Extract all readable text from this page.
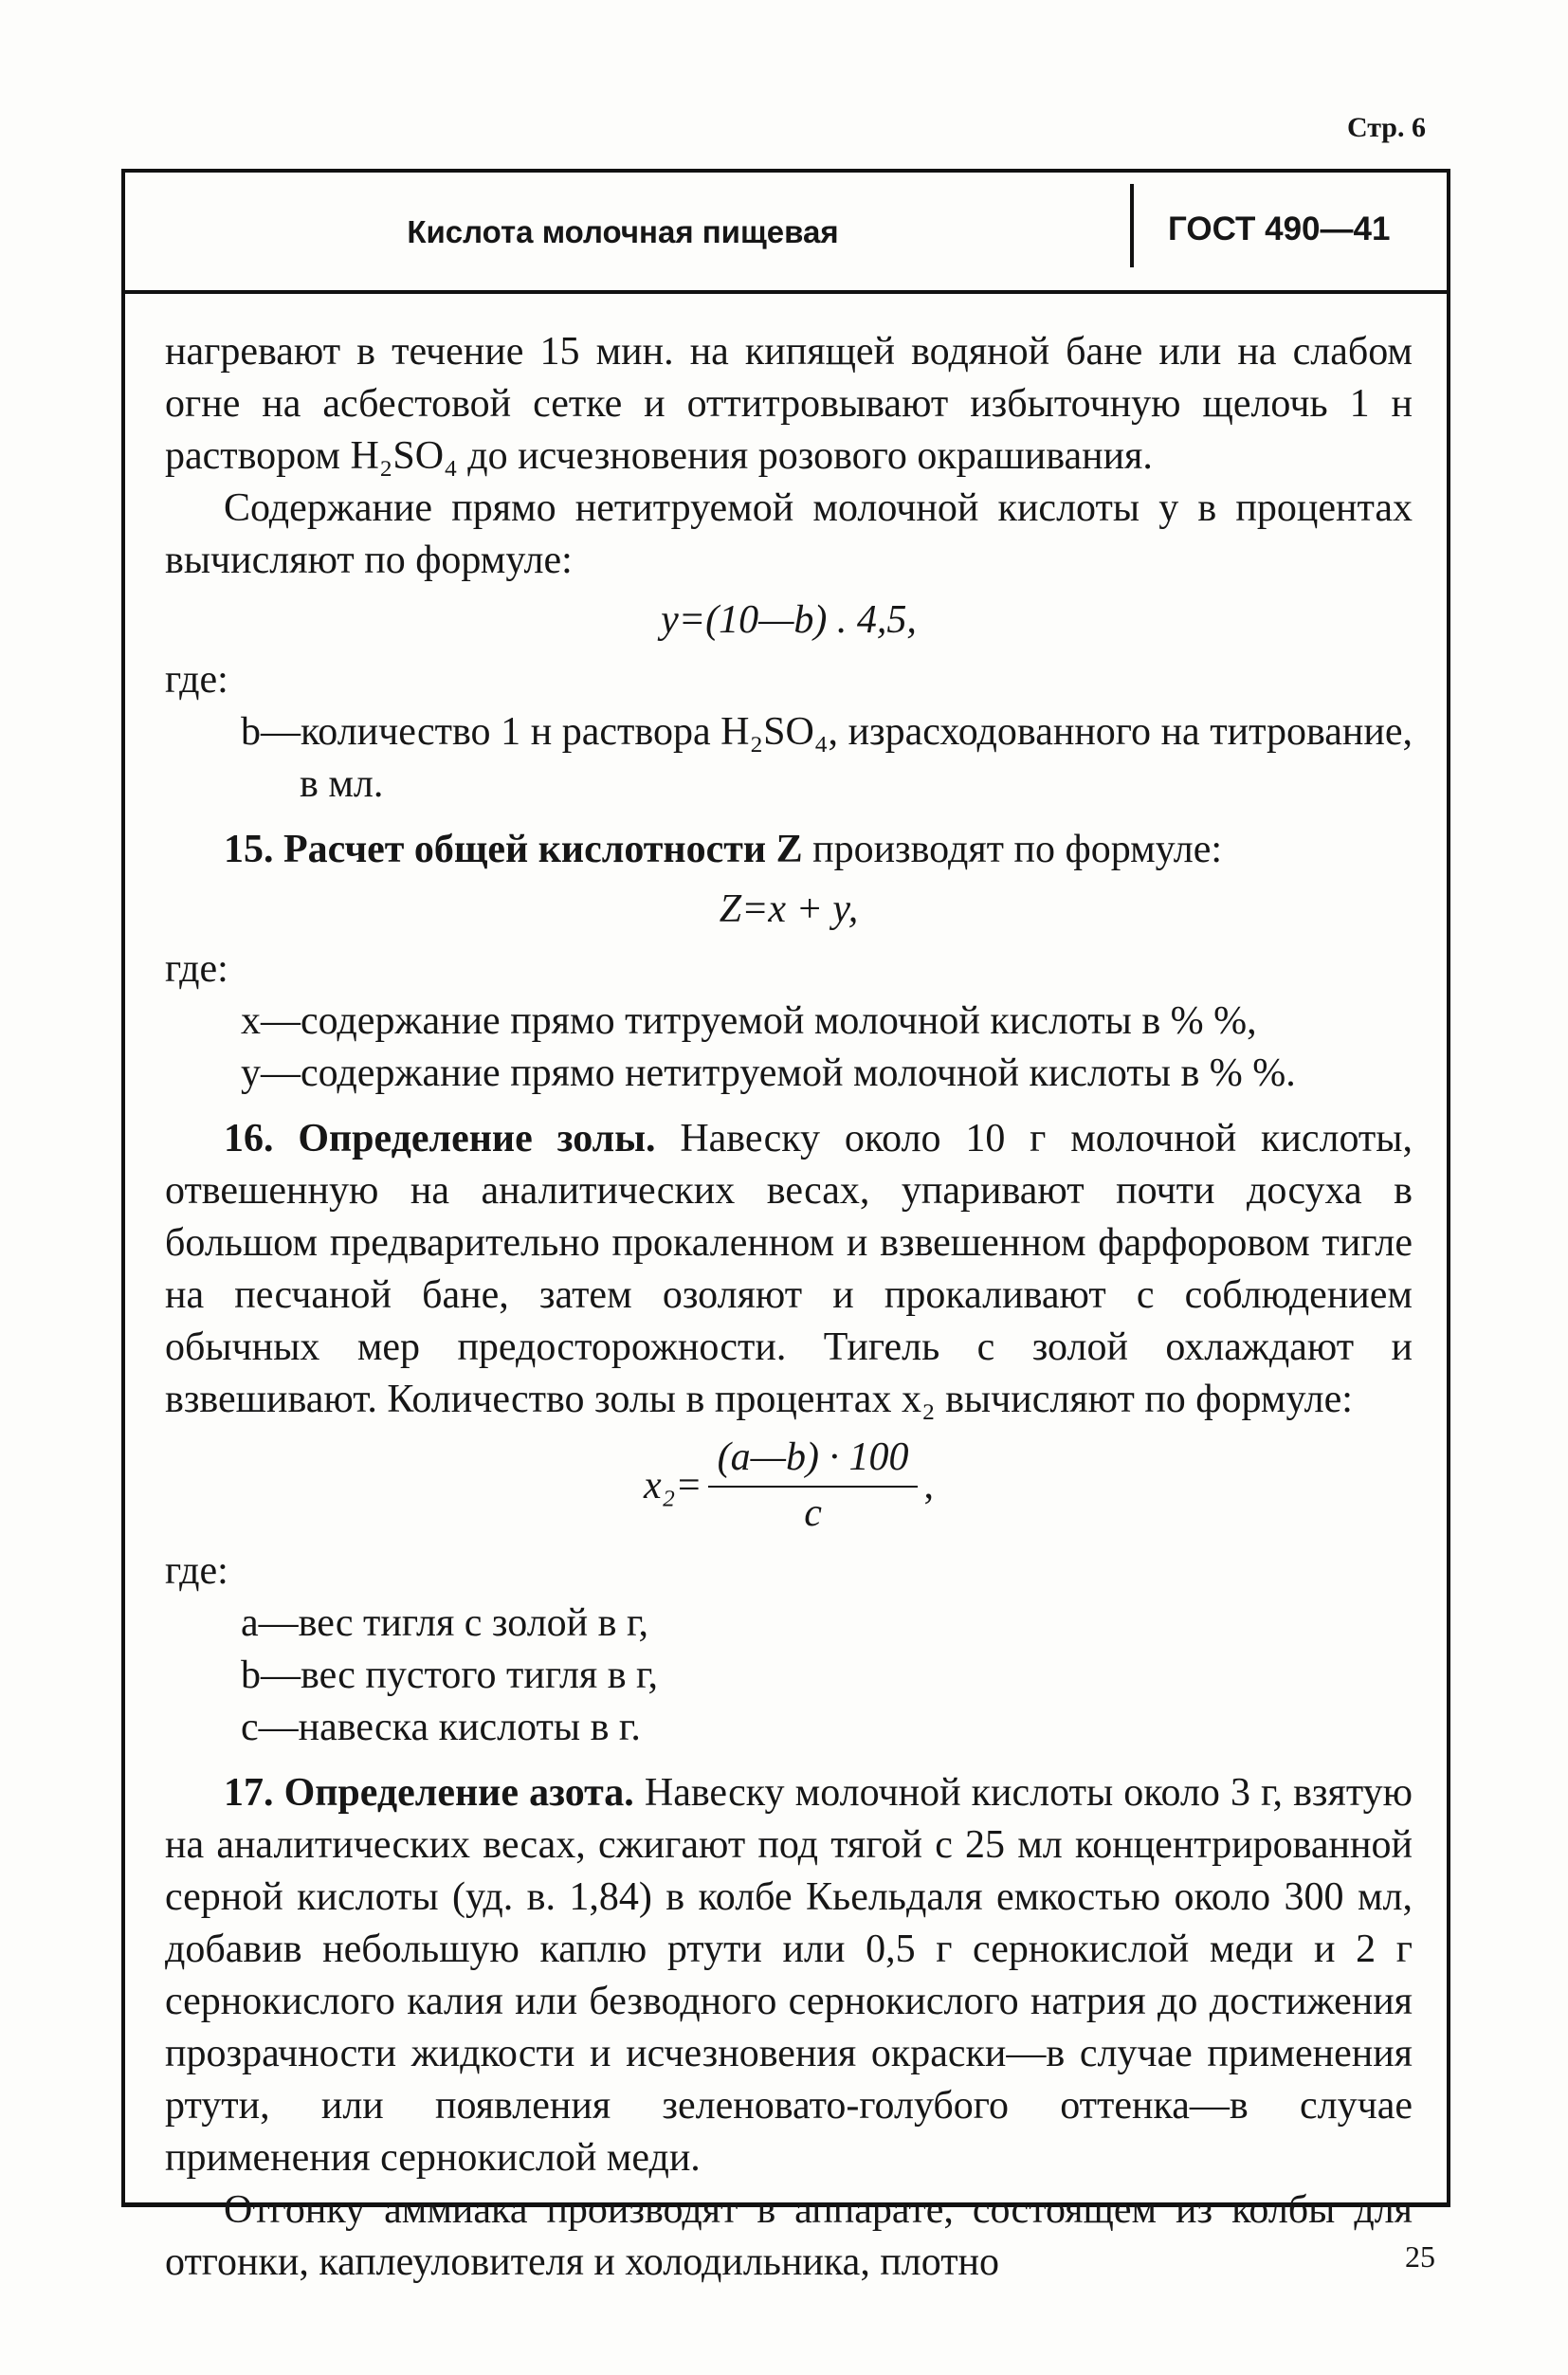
Стр. 6
Кислота молочная пищевая	ГОСТ 490—41

нагревают в течение 15 мин. на кипящей водяной бане или на слабом огне на асбестовой сетке и оттитровывают избыточную щелочь 1 н раствором H₂SO₄ до исчезновения розового окрашивания.

Содержание прямо нетитруемой молочной кислоты y в процентах вычисляют по формуле:

y=(10—b) . 4,5,

где:

b—количество 1 н раствора H₂SO₄, израсходованного на титрование, в мл.

15. Расчет общей кислотности Z производят по формуле:

Z=x + y,

где:

x—содержание прямо титруемой молочной кислоты в % %,

y—содержание прямо нетитруемой молочной кислоты в % %.

16. Определение золы. Навеску около 10 г молочной кислоты, отвешенную на аналитических весах, упаривают почти досуха в большом предварительно прокаленном и взвешенном фарфоровом тигле на песчаной бане, затем озоляют и прокаливают с соблюдением обычных мер предосторожности. Тигель с золой охлаждают и взвешивают. Количество золы в процентах x₂ вычисляют по формуле:

$x_2= \frac{(a—b) \cdot 100}{c}$ ,

где:

a—вес тигля с золой в г,

b—вес пустого тигля в г,

c—навеска кислоты в г.

17. Определение азота. Навеску молочной кислоты около 3 г, взятую на аналитических весах, сжигают под тягой с 25 мл концентрированной серной кислоты (уд. в. 1,84) в колбе Кьельдаля емкостью около 300 мл, добавив небольшую каплю ртути или 0,5 г сернокислой меди и 2 г сернокислого калия или безводного сернокислого натрия до достижения прозрачности жидкости и исчезновения окраски—в случае применения ртути, или появления зеленовато-голубого оттенка—в случае применения сернокислой меди.

Отгонку аммиака производят в аппарате, состоящем из колбы для отгонки, каплеуловителя и холодильника, плотно	25
